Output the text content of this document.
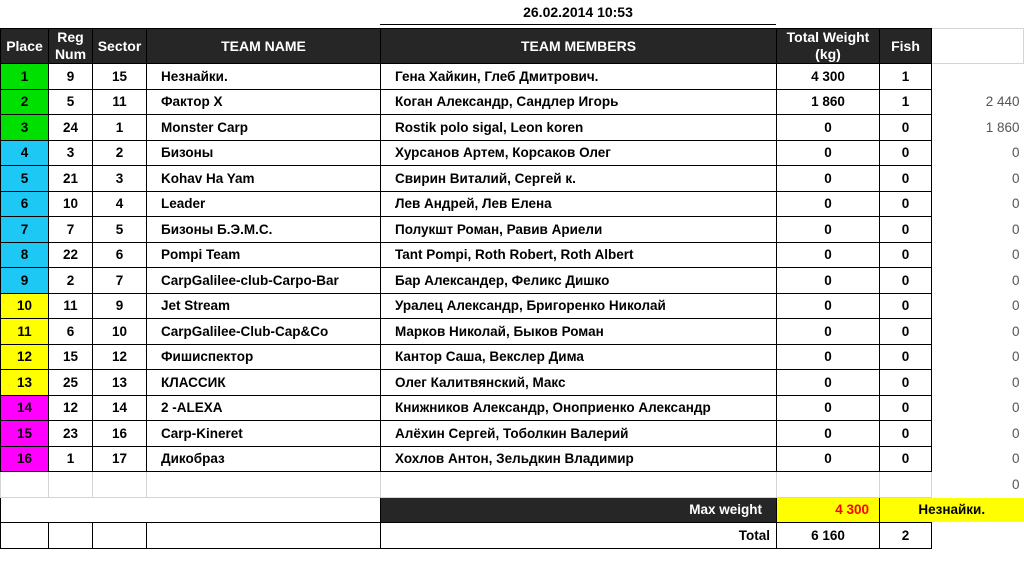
26.02.2014 10:53
Place	Reg Num	Sector	TEAM NAME	TEAM MEMBERS	Total Weight (kg)	Fish	
1	9	15	Незнайки.	Гена Хайкин, Глеб Дмитрович.	4 300	1	
2	5	11	Фактор Х	Коган Александр, Сандлер Игорь	1 860	1	2 440
3	24	1	Monster Carp	Rostik polo sigal, Leon koren	0	0	1 860
4	3	2	Бизоны	Хурсанов Артем, Корсаков Олег	0	0	0
5	21	3	Kohav Ha Yam	Свирин Виталий, Сергей к.	0	0	0
6	10	4	Leader	Лев Андрей, Лев Елена	0	0	0
7	7	5	Бизоны Б.Э.М.С.	Полукшт Роман, Равив Ариели	0	0	0
8	22	6	Pompi Team	Tant Pompi, Roth Robert, Roth Albert	0	0	0
9	2	7	CarpGalilee-club-Carpo-Bar	Бар Александер, Феликс Дишко	0	0	0
10	11	9	Jet Stream	Уралец Александр, Бригоренко Николай	0	0	0
11	6	10	CarpGalilee-Club-Cap&Co	Марков Николай, Быков Роман	0	0	0
12	15	12	Фишиспектор	Кантор Саша, Векслер Дима	0	0	0
13	25	13	КЛАССИК	Олег Калитвянский, Макс	0	0	0
14	12	14	2 -ALEXA	Книжников Александр, Оноприенко Александр	0	0	0
15	23	16	Carp-Kineret	Алёхин Сергей, Тоболкин Валерий	0	0	0
16	1	17	Дикобраз	Хохлов Антон, Зельдкин Владимир	0	0	0
							0
				Max weight	4 300	Незнайки.	
				Total	6 160	2	
